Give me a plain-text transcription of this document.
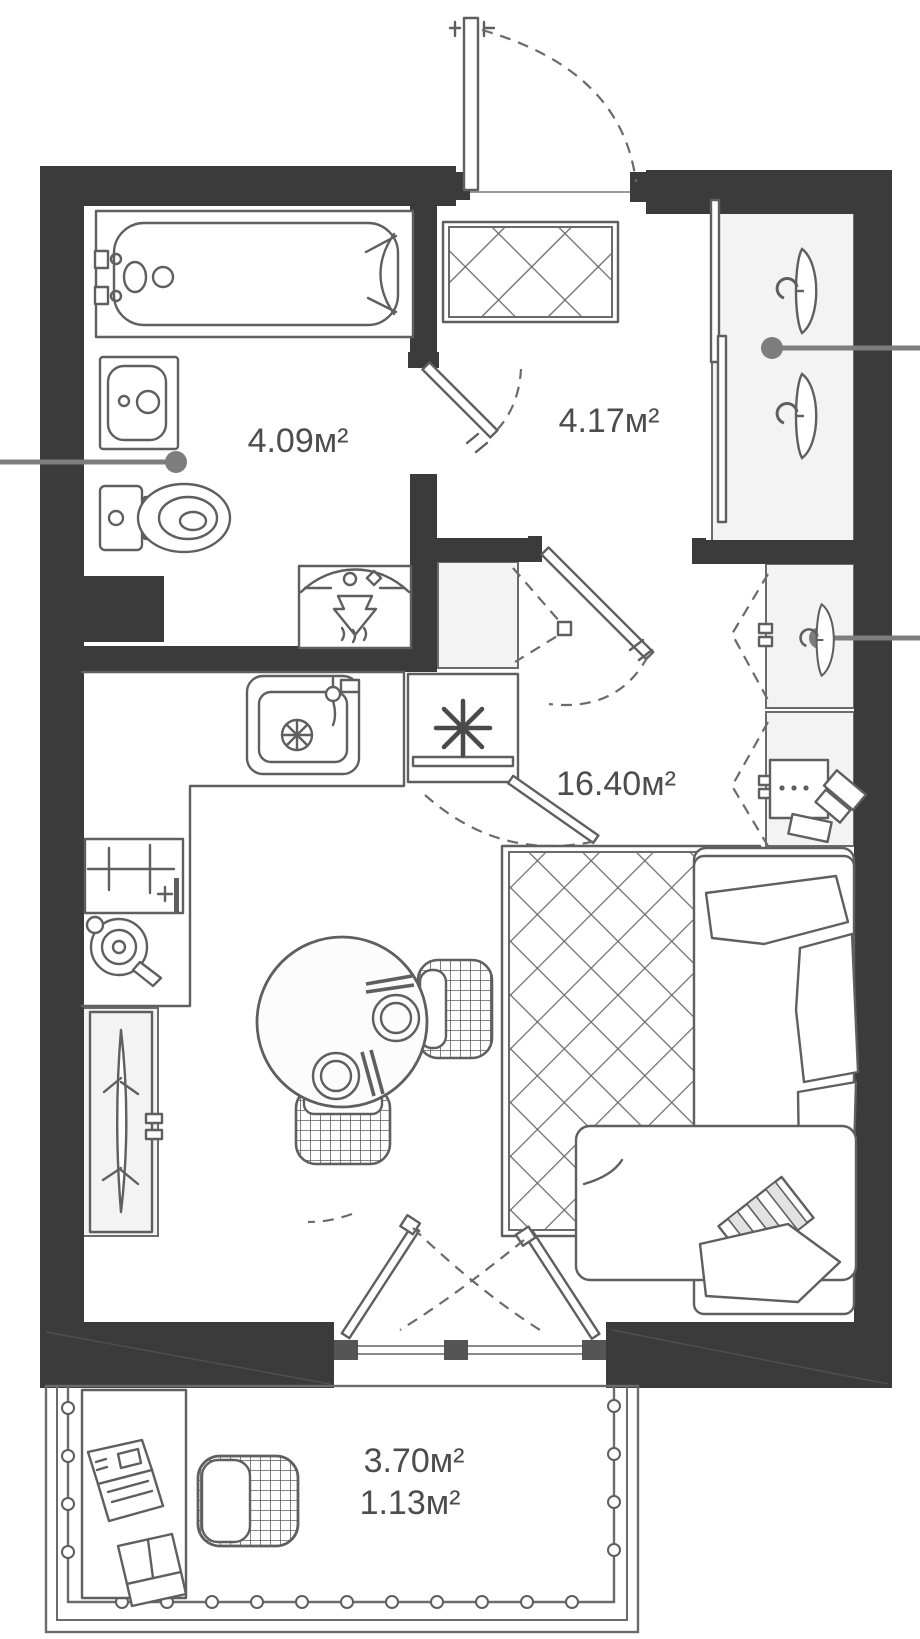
4.09м²
4.17м²
16.40м²
3.70м²
1.13м²
